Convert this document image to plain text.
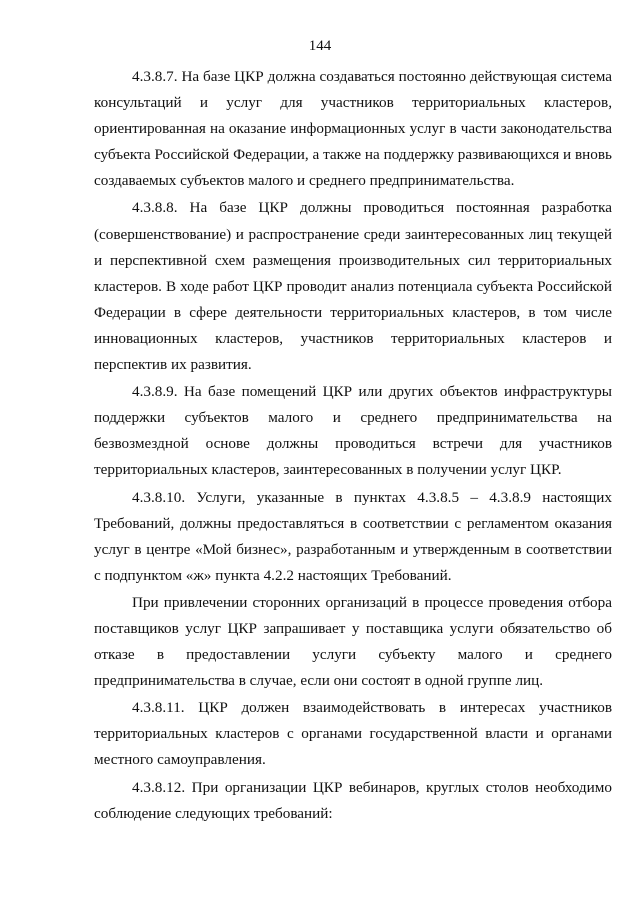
144

4.3.8.7. На базе ЦКР должна создаваться постоянно действующая система консультаций и услуг для участников территориальных кластеров, ориентированная на оказание информационных услуг в части законодательства субъекта Российской Федерации, а также на поддержку развивающихся и вновь создаваемых субъектов малого и среднего предпринимательства.

4.3.8.8. На базе ЦКР должны проводиться постоянная разработка (совершенствование) и распространение среди заинтересованных лиц текущей и перспективной схем размещения производительных сил территориальных кластеров. В ходе работ ЦКР проводит анализ потенциала субъекта Российской Федерации в сфере деятельности территориальных кластеров, в том числе инновационных кластеров, участников территориальных кластеров и перспектив их развития.

4.3.8.9. На базе помещений ЦКР или других объектов инфраструктуры поддержки субъектов малого и среднего предпринимательства на безвозмездной основе должны проводиться встречи для участников территориальных кластеров, заинтересованных в получении услуг ЦКР.

4.3.8.10. Услуги, указанные в пунктах 4.3.8.5 – 4.3.8.9 настоящих Требований, должны предоставляться в соответствии с регламентом оказания услуг в центре «Мой бизнес», разработанным и утвержденным в соответствии с подпунктом «ж» пункта 4.2.2 настоящих Требований.

При привлечении сторонних организаций в процессе проведения отбора поставщиков услуг ЦКР запрашивает у поставщика услуги обязательство об отказе в предоставлении услуги субъекту малого и среднего предпринимательства в случае, если они состоят в одной группе лиц.

4.3.8.11. ЦКР должен взаимодействовать в интересах участников территориальных кластеров с органами государственной власти и органами местного самоуправления.

4.3.8.12. При организации ЦКР вебинаров, круглых столов необходимо соблюдение следующих требований:
